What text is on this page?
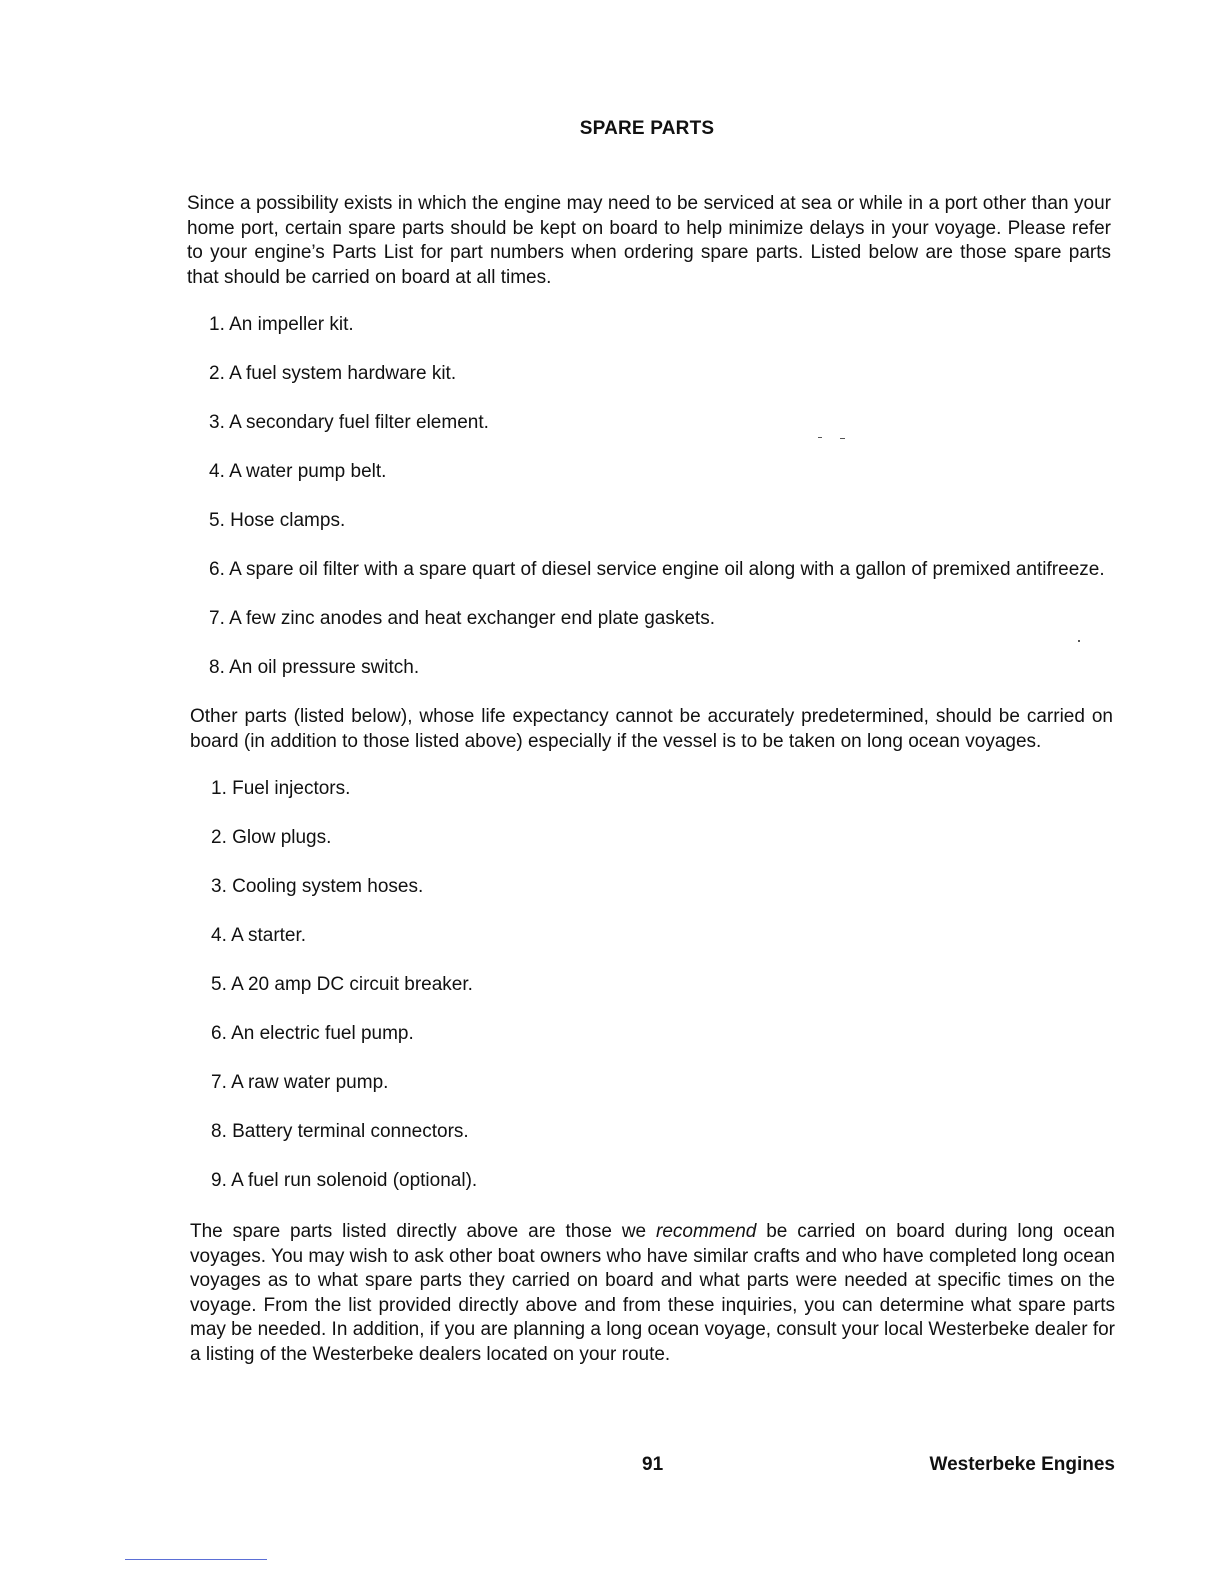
SPARE PARTS

Since a possibility exists in which the engine may need to be serviced at sea or while in a port other than your home port, certain spare parts should be kept on board to help minimize delays in your voyage. Please refer to your engine’s Parts List for part numbers when ordering spare parts. Listed below are those spare parts that should be carried on board at all times.

1. An impeller kit.
2. A fuel system hardware kit.
3. A secondary fuel filter element.
4. A water pump belt.
5. Hose clamps.
6. A spare oil filter with a spare quart of diesel service engine oil along with a gallon of premixed antifreeze.
7. A few zinc anodes and heat exchanger end plate gaskets.
8. An oil pressure switch.

Other parts (listed below), whose life expectancy cannot be accurately predetermined, should be carried on board (in addition to those listed above) especially if the vessel is to be taken on long ocean voyages.

1. Fuel injectors.
2. Glow plugs.
3. Cooling system hoses.
4. A starter.
5. A 20 amp DC circuit breaker.
6. An electric fuel pump.
7. A raw water pump.
8. Battery terminal connectors.
9. A fuel run solenoid (optional).

The spare parts listed directly above are those we recommend be carried on board during long ocean voyages. You may wish to ask other boat owners who have similar crafts and who have completed long ocean voyages as to what spare parts they carried on board and what parts were needed at specific times on the voyage. From the list provided directly above and from these inquiries, you can determine what spare parts may be needed. In addition, if you are planning a long ocean voyage, consult your local Westerbeke dealer for a listing of the Westerbeke dealers located on your route.

91	Westerbeke Engines
